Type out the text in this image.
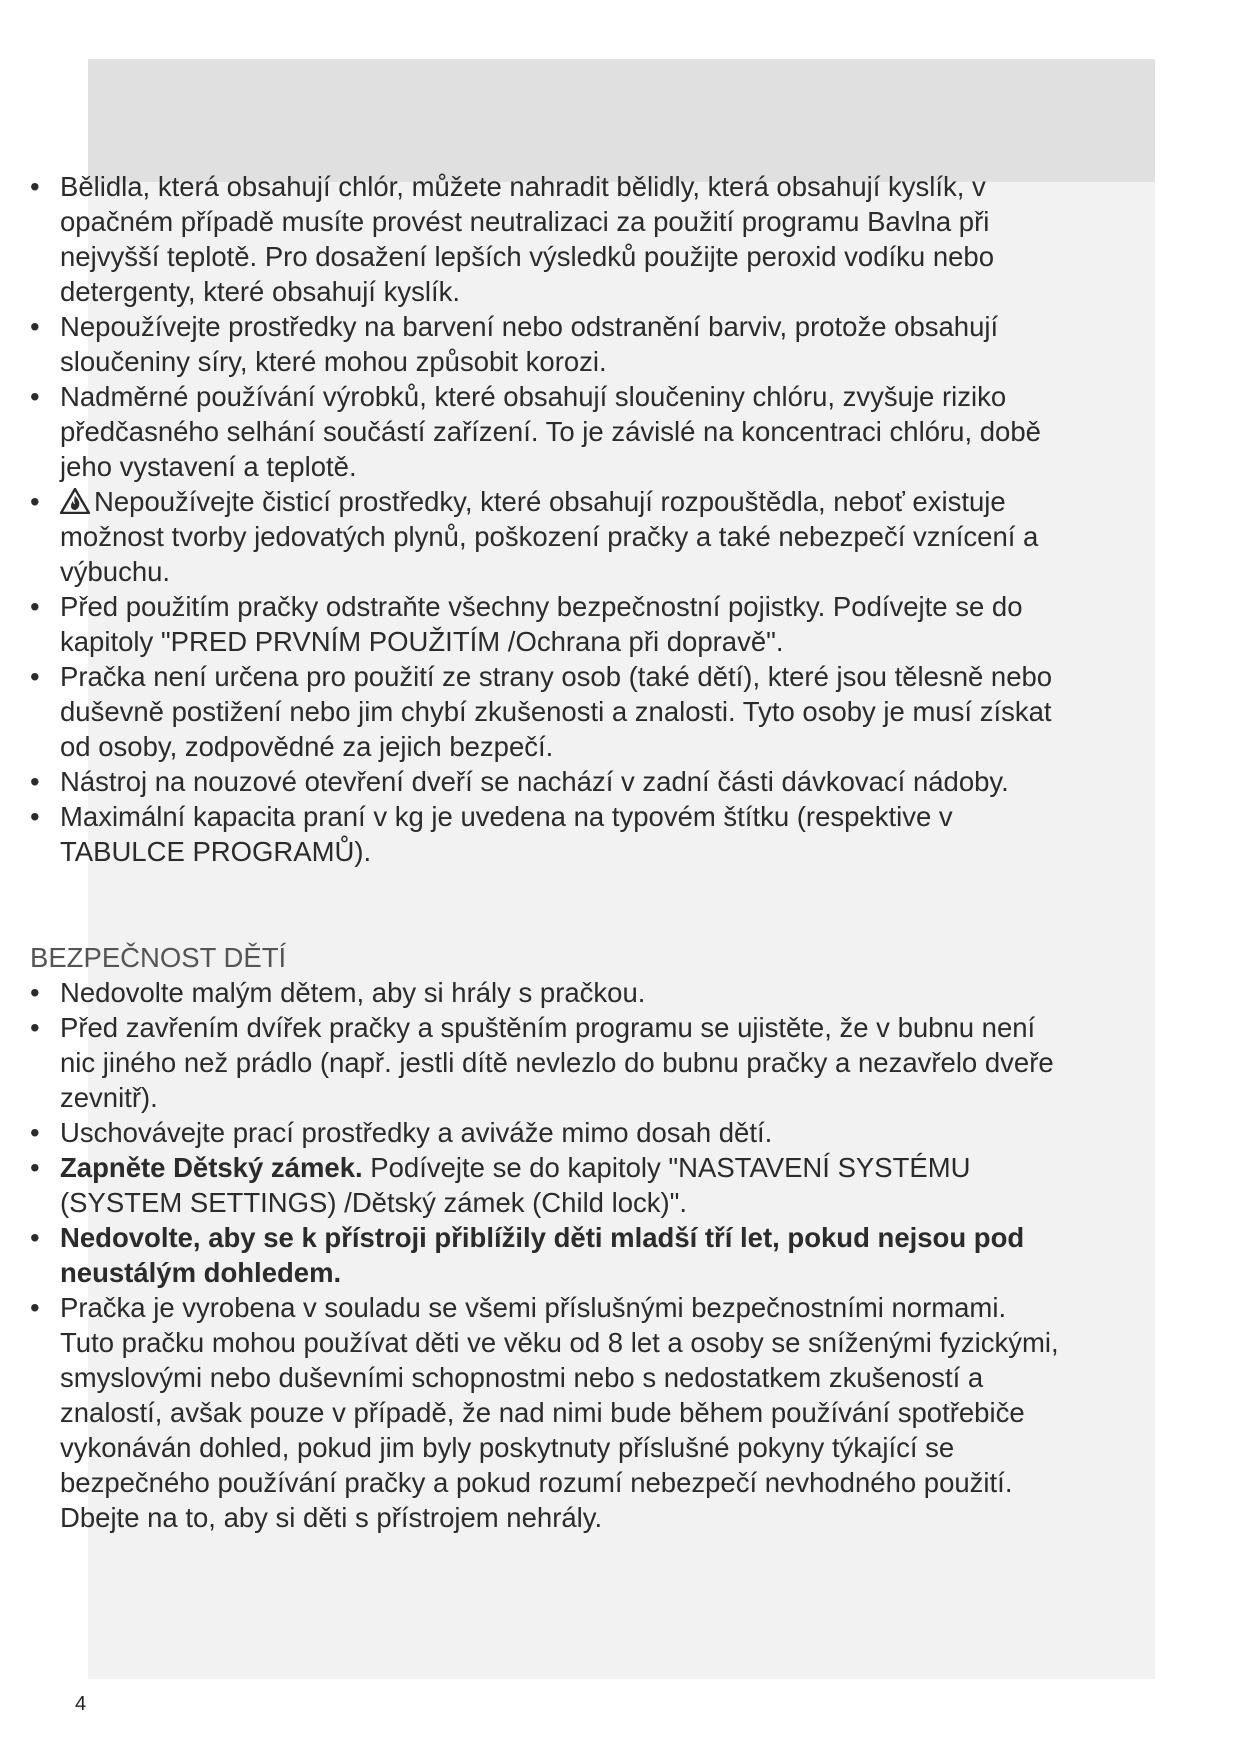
• Bělidla, která obsahují chlór, můžete nahradit bělidly, která obsahují kyslík, v opačném případě musíte provést neutralizaci za použití programu Bavlna při nejvyšší teplotě. Pro dosažení lepších výsledků použijte peroxid vodíku nebo detergenty, které obsahují kyslík.
• Nepoužívejte prostředky na barvení nebo odstranění barviv, protože obsahují sloučeniny síry, které mohou způsobit korozi.
• Nadměrné používání výrobků, které obsahují sloučeniny chlóru, zvyšuje riziko předčasného selhání součástí zařízení. To je závislé na koncentraci chlóru, době jeho vystavení a teplotě.
• Nepoužívejte čisticí prostředky, které obsahují rozpouštědla, neboť existuje možnost tvorby jedovatých plynů, poškození pračky a také nebezpečí vznícení a výbuchu.
• Před použitím pračky odstraňte všechny bezpečnostní pojistky. Podívejte se do kapitoly "PRED PRVNÍM POUŽITÍM /Ochrana při dopravě".
• Pračka není určena pro použití ze strany osob (také dětí), které jsou tělesně nebo duševně postižení nebo jim chybí zkušenosti a znalosti. Tyto osoby je musí získat od osoby, zodpovědné za jejich bezpečí.
• Nástroj na nouzové otevření dveří se nachází v zadní části dávkovací nádoby.
• Maximální kapacita praní v kg je uvedena na typovém štítku (respektive v TABULCE PROGRAMŮ).
BEZPEČNOST DĚTÍ
• Nedovolte malým dětem, aby si hrály s pračkou.
• Před zavřením dvířek pračky a spuštěním programu se ujistěte, že v bubnu není nic jiného než prádlo (např. jestli dítě nevlezlo do bubnu pračky a nezavřelo dveře zevnitř).
• Uschovávejte prací prostředky a aviváže mimo dosah dětí.
• Zapněte Dětský zámek. Podívejte se do kapitoly "NASTAVENÍ SYSTÉMU (SYSTEM SETTINGS) /Dětský zámek (Child lock)".
• Nedovolte, aby se k přístroji přiblížily děti mladší tří let, pokud nejsou pod neustálým dohledem.
• Pračka je vyrobena v souladu se všemi příslušnými bezpečnostními normami. Tuto pračku mohou používat děti ve věku od 8 let a osoby se sníženými fyzickými, smyslovými nebo duševními schopnostmi nebo s nedostatkem zkušeností a znalostí, avšak pouze v případě, že nad nimi bude během používání spotřebiče vykonáván dohled, pokud jim byly poskytnuty příslušné pokyny týkající se bezpečného používání pračky a pokud rozumí nebezpečí nevhodného použití. Dbejte na to, aby si děti s přístrojem nehrály.
4
